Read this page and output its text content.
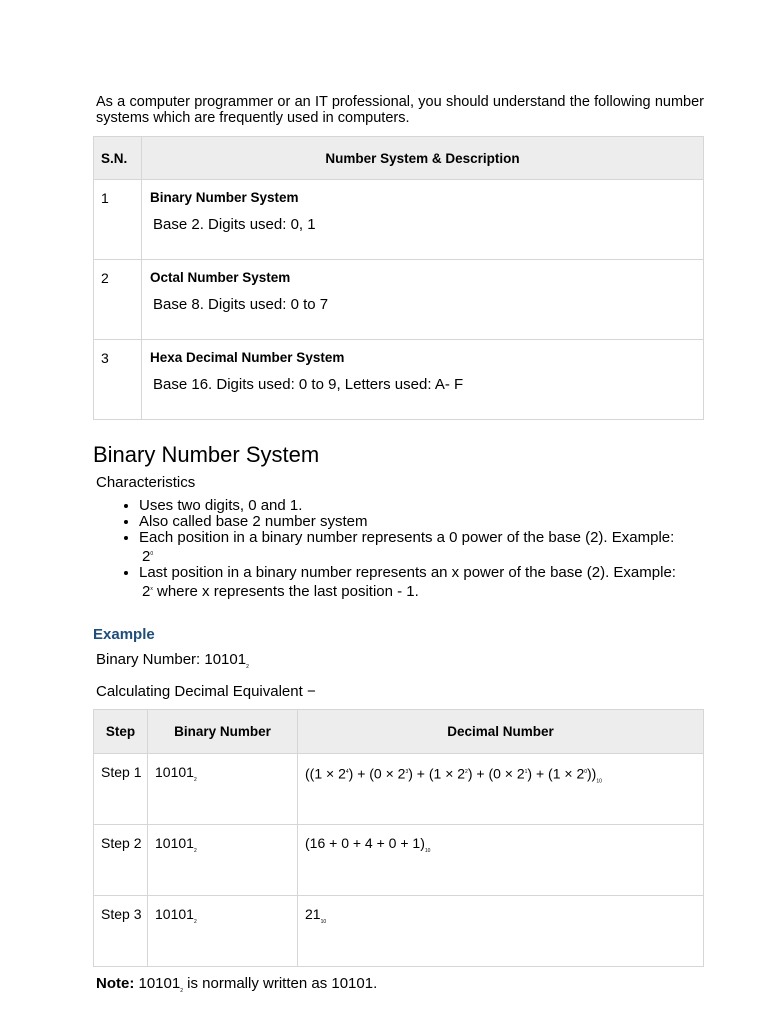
As a computer programmer or an IT professional, you should understand the following number systems which are frequently used in computers.

S.N.	Number System & Description
1	Binary Number System
Base 2. Digits used: 0, 1

2	Octal Number System
Base 8. Digits used: 0 to 7

3	Hexa Decimal Number System
Base 16. Digits used: 0 to 9, Letters used: A- F
Binary Number System
Characteristics
• Uses two digits, 0 and 1.
• Also called base 2 number system
• Each position in a binary number represents a 0 power of the base (2). Example:
$2^0$
• Last position in a binary number represents an x power of the base (2). Example:
2$^x$ where x represents the last position - 1.
Example
Binary Number: $10101_2$
Calculating Decimal Equivalent −
Step	Binary Number	Decimal Number
Step 1	$10101_2$	$((1 \times 2^4) + (0 \times 2^3) + (1 \times 2^2) + (0 \times 2^1) + (1 \times 2^0))_{10}$
Step 2	$10101_2$	$(16 + 0 + 4 + 0 + 1)_{10}$
Step 3	$10101_2$	$21_{10}$
Note: $10101_2$ is normally written as 10101.
